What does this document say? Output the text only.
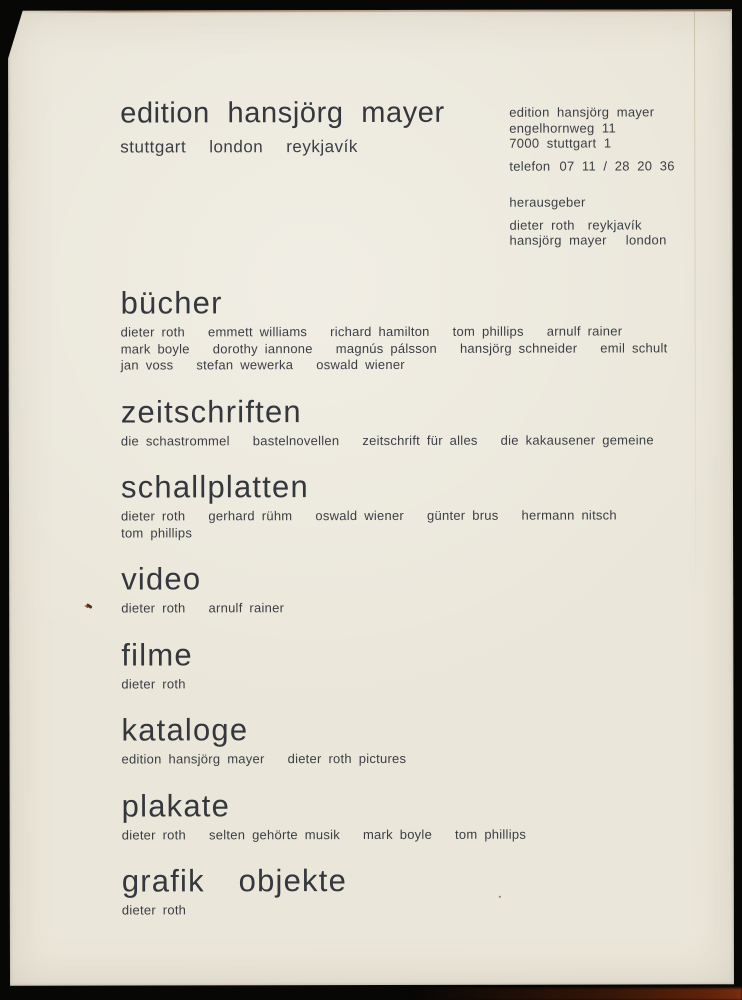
edition hansjörg mayer
stuttgart london reykjavík
edition hansjörg mayer
engelhornweg 11
7000 stuttgart 1
telefon 07 11 / 28 20 36
herausgeber
dieter roth reykjavík
hansjörg mayer london
bücher
dieter roth emmett williams richard hamilton tom phillips arnulf rainer
mark boyle dorothy iannone magnús pálsson hansjörg schneider emil schult
jan voss stefan wewerka oswald wiener
zeitschriften
die schastrommel bastelnovellen zeitschrift für alles die kakausener gemeine
schallplatten
dieter roth gerhard rühm oswald wiener günter brus hermann nitsch
tom phillips
video
dieter roth arnulf rainer
filme
dieter roth
kataloge
edition hansjörg mayer dieter roth pictures
plakate
dieter roth selten gehörte musik mark boyle tom phillips
grafik objekte
dieter roth
